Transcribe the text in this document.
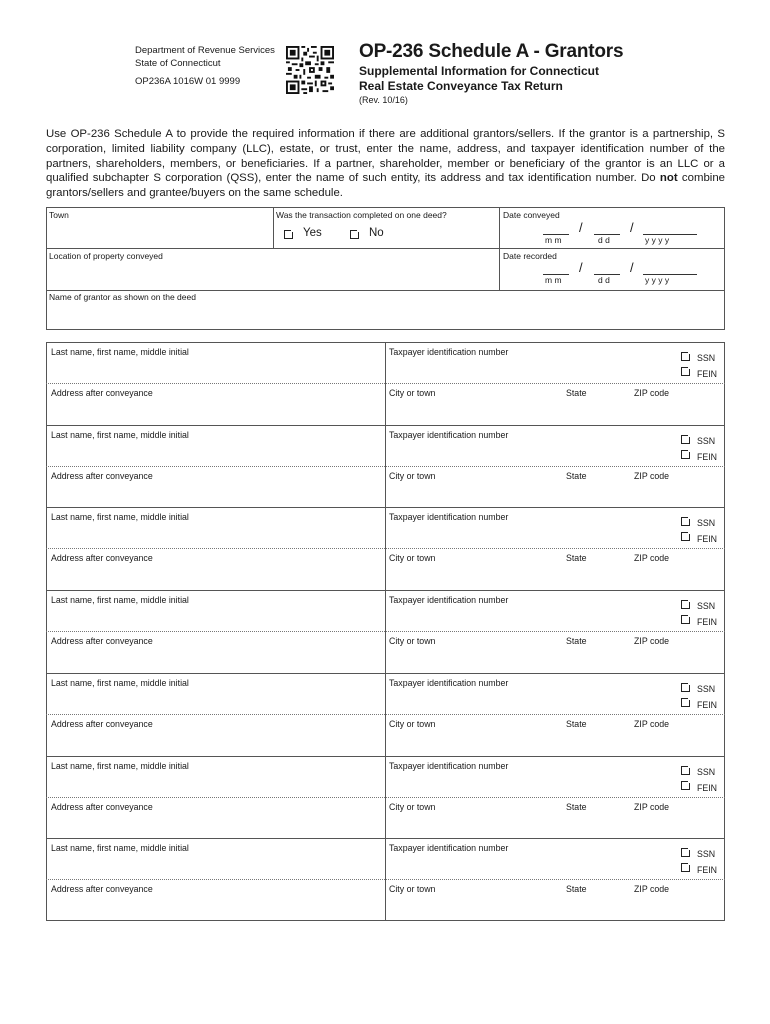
Department of Revenue Services
State of Connecticut
OP236A 1016W 01 9999
OP-236 Schedule A - Grantors
Supplemental Information for Connecticut
Real Estate Conveyance Tax Return
(Rev. 10/16)
Use OP-236 Schedule A to provide the required information if there are additional grantors/sellers. If the grantor is a partnership, S corporation, limited liability company (LLC), estate, or trust, enter the name, address, and taxpayer identification number of the partners, shareholders, members, or beneficiaries. If a partner, shareholder, member or beneficiary of the grantor is an LLC or a qualified subchapter S corporation (QSS), enter the name of such entity, its address and tax identification number. Do not combine grantors/sellers and grantee/buyers on the same schedule.
Town	Was the transaction completed on one deed?
Yes	No
Date conveyed
/	/
m m	d d	y y y y
Location of property conveyed	Date recorded
/	/
m m	d d	y y y y
Name of grantor as shown on the deed
Last name, first name, middle initial	Taxpayer identification number
SSN
FEIN
Address after conveyance	City or town	State	ZIP code
Last name, first name, middle initial	Taxpayer identification number
SSN
FEIN
Address after conveyance	City or town	State	ZIP code
Last name, first name, middle initial	Taxpayer identification number
SSN
FEIN
Address after conveyance	City or town	State	ZIP code
Last name, first name, middle initial	Taxpayer identification number
SSN
FEIN
Address after conveyance	City or town	State	ZIP code
Last name, first name, middle initial	Taxpayer identification number
SSN
FEIN
Address after conveyance	City or town	State	ZIP code
Last name, first name, middle initial	Taxpayer identification number
SSN
FEIN
Address after conveyance	City or town	State	ZIP code
Last name, first name, middle initial	Taxpayer identification number
SSN
FEIN
Address after conveyance	City or town	State	ZIP code
